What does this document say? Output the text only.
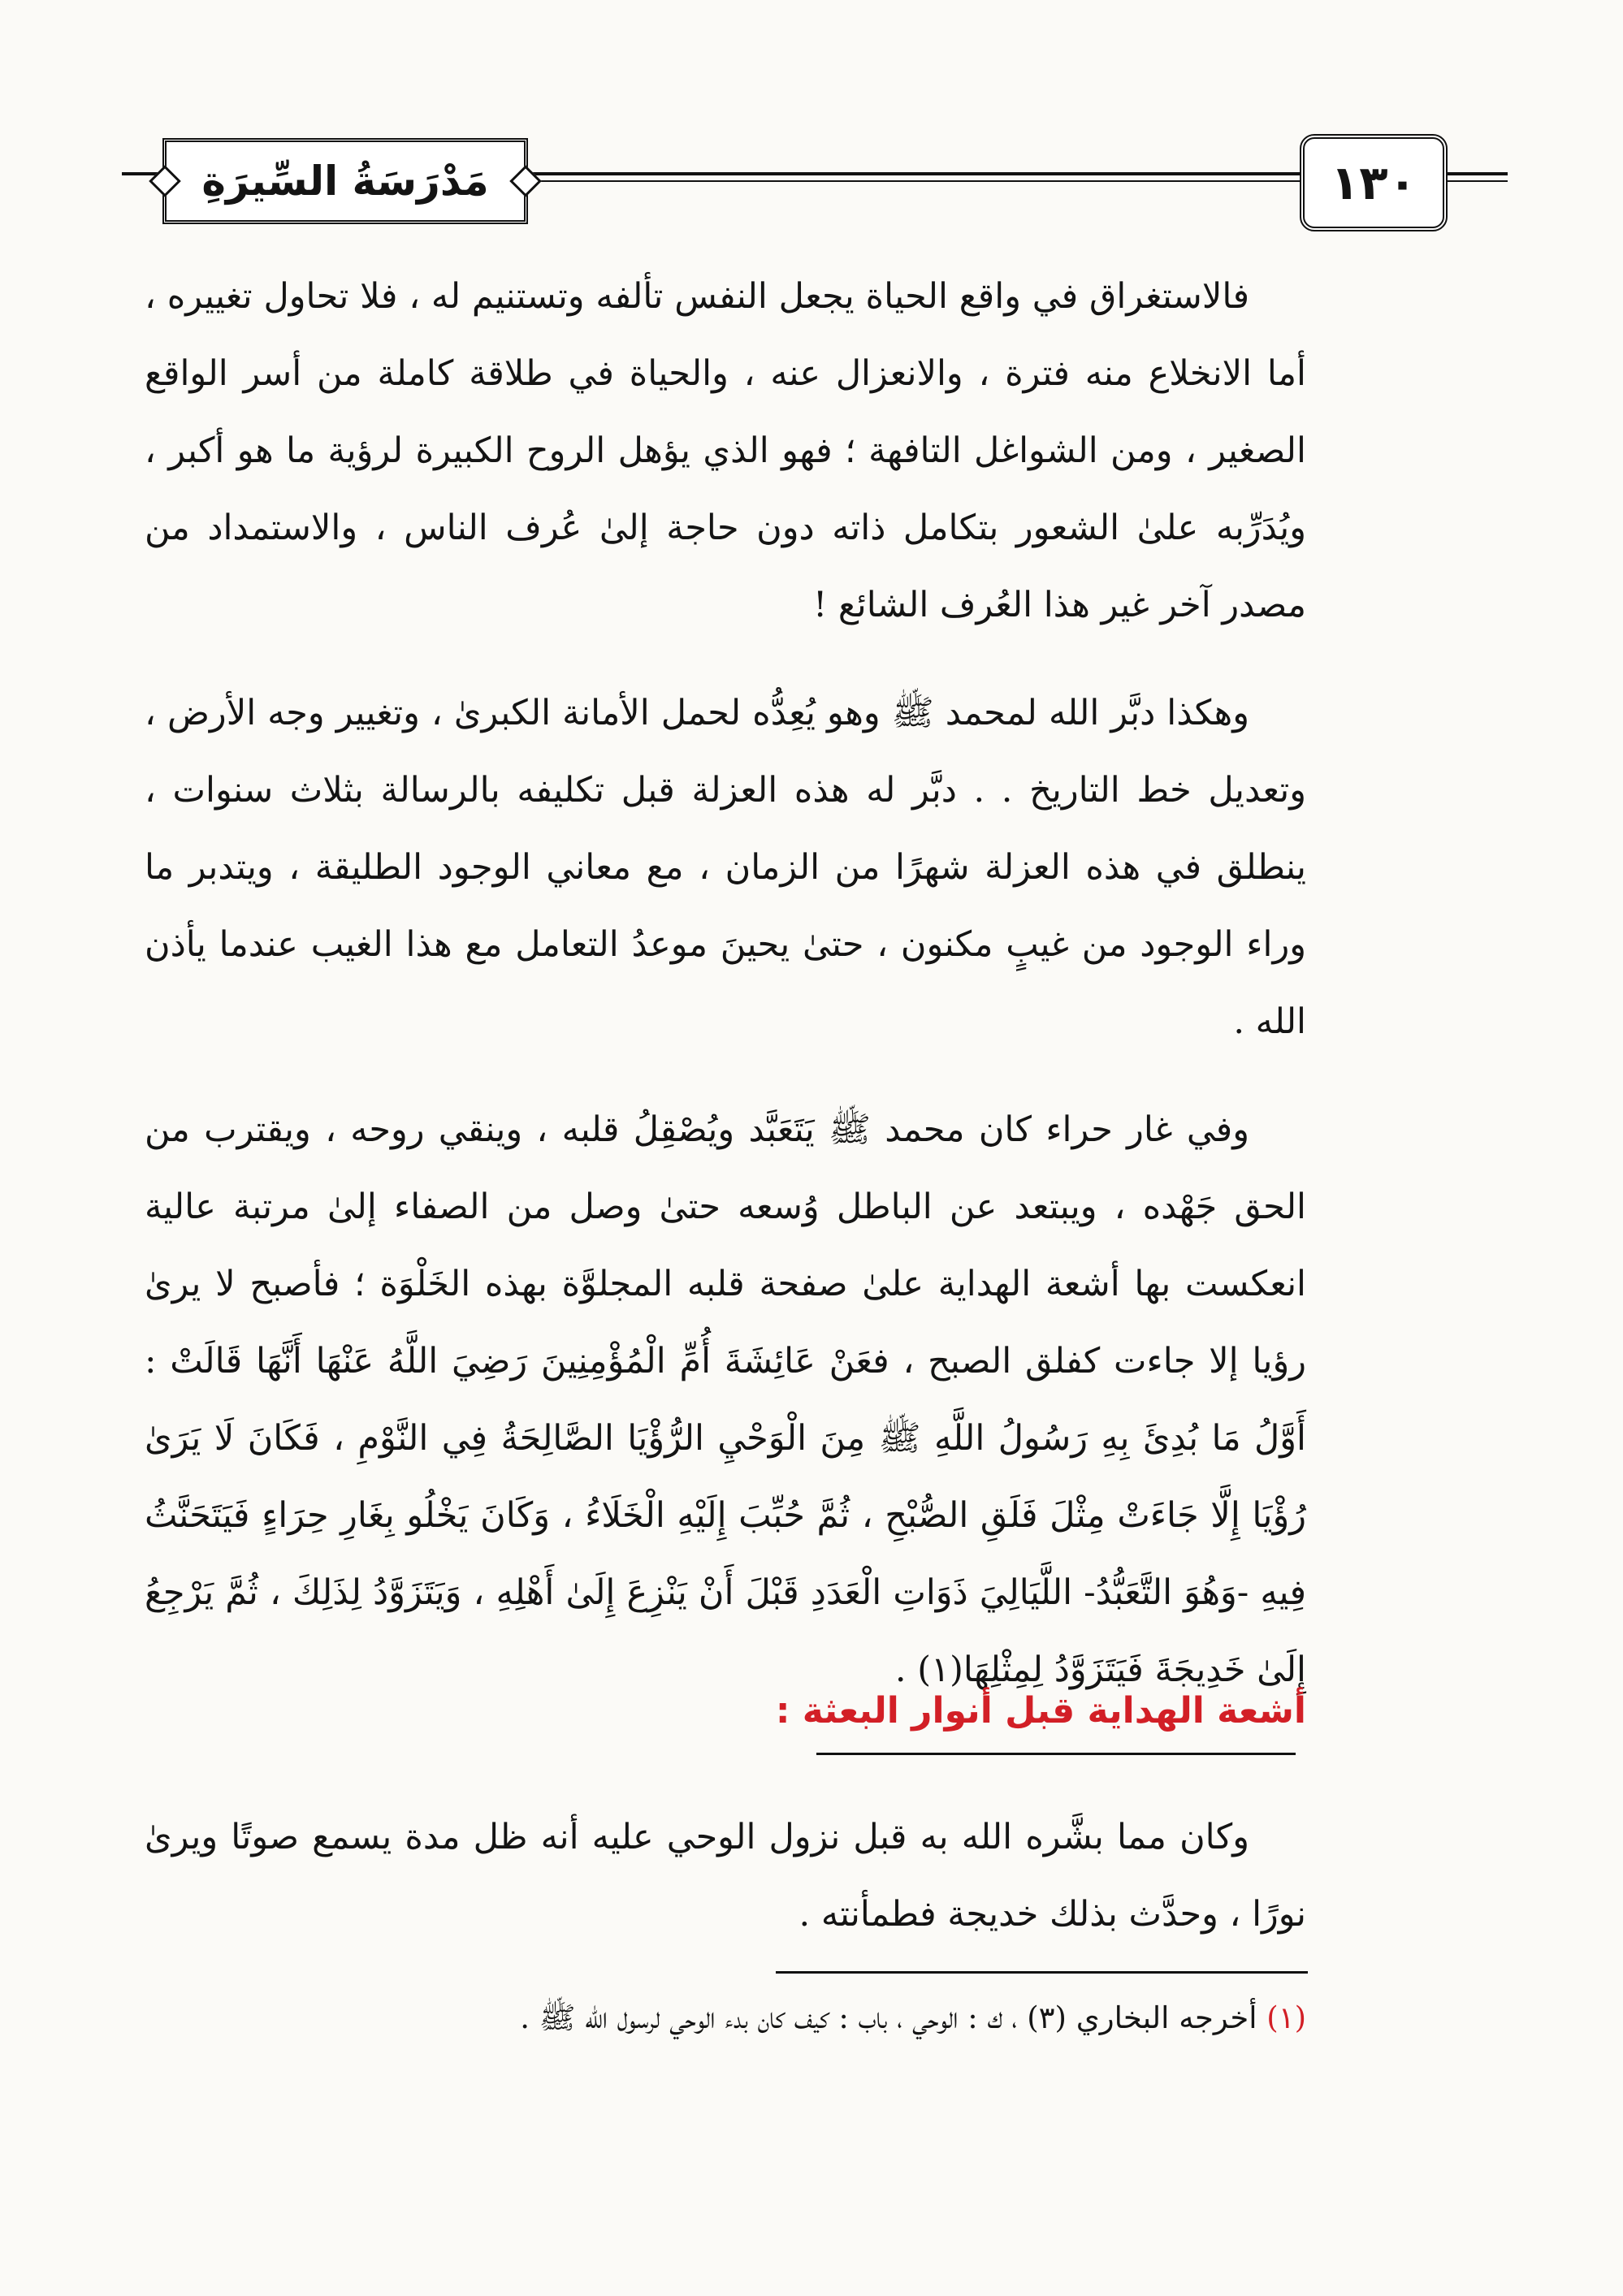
مَدْرَسَةُ السِّيرَةِ	١٣٠

فالاستغراق في واقع الحياة يجعل النفس تألفه وتستنيم له ، فلا تحاول تغييره ، أما الانخلاع منه فترة ، والانعزال عنه ، والحياة في طلاقة كاملة من أسر الواقع الصغير ، ومن الشواغل التافهة ؛ فهو الذي يؤهل الروح الكبيرة لرؤية ما هو أكبر ، ويُدَرِّبه علىٰ الشعور بتكامل ذاته دون حاجة إلىٰ عُرف الناس ، والاستمداد من مصدر آخر غير هذا العُرف الشائع !

وهكذا دبَّر الله لمحمد ﷺ وهو يُعِدُّه لحمل الأمانة الكبرىٰ ، وتغيير وجه الأرض ، وتعديل خط التاريخ . . دبَّر له هذه العزلة قبل تكليفه بالرسالة بثلاث سنوات ، ينطلق في هذه العزلة شهرًا من الزمان ، مع معاني الوجود الطليقة ، ويتدبر ما وراء الوجود من غيبٍ مكنون ، حتىٰ يحينَ موعدُ التعامل مع هذا الغيب عندما يأذن الله .

وفي غار حراء كان محمد ﷺ يَتَعَبَّد ويُصْقِلُ قلبه ، وينقي روحه ، ويقترب من الحق جَهْده ، ويبتعد عن الباطل وُسعه حتىٰ وصل من الصفاء إلىٰ مرتبة عالية انعكست بها أشعة الهداية علىٰ صفحة قلبه المجلوَّة بهذه الخَلْوَة ؛ فأصبح لا يرىٰ رؤيا إلا جاءت كفلق الصبح ، فعَنْ عَائِشَةَ أُمِّ الْمُؤْمِنِينَ رَضِيَ اللَّهُ عَنْهَا أَنَّهَا قَالَتْ : أَوَّلُ مَا بُدِئَ بِهِ رَسُولُ اللَّهِ ﷺ مِنَ الْوَحْيِ الرُّؤْيَا الصَّالِحَةُ فِي النَّوْمِ ، فَكَانَ لَا يَرَىٰ رُؤْيَا إِلَّا جَاءَتْ مِثْلَ فَلَقِ الصُّبْحِ ، ثُمَّ حُبِّبَ إِلَيْهِ الْخَلَاءُ ، وَكَانَ يَخْلُو بِغَارِ حِرَاءٍ فَيَتَحَنَّثُ فِيهِ -وَهُوَ التَّعَبُّدُ- اللَّيَالِيَ ذَوَاتِ الْعَدَدِ قَبْلَ أَنْ يَنْزِعَ إِلَىٰ أَهْلِهِ ، وَيَتَزَوَّدُ لِذَلِكَ ، ثُمَّ يَرْجِعُ إِلَىٰ خَدِيجَةَ فَيَتَزَوَّدُ لِمِثْلِهَا(١) .

أشعة الهداية قبل أنوار البعثة :

وكان مما بشَّره الله به قبل نزول الوحي عليه أنه ظل مدة يسمع صوتًا ويرىٰ نورًا ، وحدَّث بذلك خديجة فطمأنته .

(١) أخرجه البخاري (٣) ، ك : الوحي ، باب : كيف كان بدء الوحي لرسول الله ﷺ .
